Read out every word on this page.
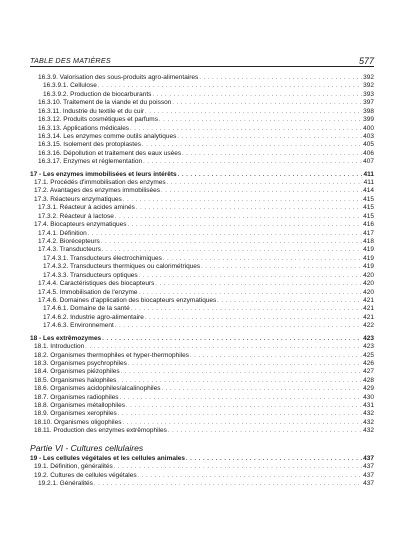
TABLE DES MATIÈRES	577
16.3.9. Valorisation des sous-produits agro-alimentaires . . .	392
16.3.9.1. Cellulose . . .	392
16.3.9.2. Production de biocarburants . . .	393
16.3.10. Traitement de la viande et du poisson . . .	397
16.3.11. Industrie du textile et du cuir . . .	398
16.3.12. Produits cosmétiques et parfums . . .	399
16.3.13. Applications médicales . . .	400
16.3.14. Les enzymes comme outils analytiques . . .	403
16.3.15. Isolement des protoplastes . . .	405
16.3.16. Dépollution et traitement des eaux usées . . .	406
16.3.17. Enzymes et réglementation . . .	407
17 - Les enzymes immobilisées et leurs intérêts . . .	411
17.1. Procédés d'immobilisation des enzymes . . .	411
17.2. Avantages des enzymes immobilisées . . .	414
17.3. Réacteurs enzymatiques . . .	415
17.3.1. Réacteur à acides aminés . . .	415
17.3.2. Réacteur à lactose . . .	415
17.4. Biocapteurs enzymatiques . . .	416
17.4.1. Définition . . .	417
17.4.2. Biorécepteurs . . .	418
17.4.3. Transducteurs . . .	419
17.4.3.1. Transducteurs électrochimiques . . .	419
17.4.3.2. Transducteurs thermiques ou calorimétriques . . .	419
17.4.3.3. Transducteurs optiques . . .	420
17.4.4. Caractéristiques des biocapteurs . . .	420
17.4.5. Immobilisation de l'enzyme . . .	420
17.4.6. Domaines d'application des biocapteurs enzymatiques . . .	421
17.4.6.1. Domaine de la santé . . .	421
17.4.6.2. Industrie agro-alimentaire . . .	421
17.4.6.3. Environnement . . .	422
18 - Les extrêmozymes . . .	423
18.1. Introduction . . .	423
18.2. Organismes thermophiles et hyper-thermophiles . . .	425
18.3. Organismes psychrophiles . . .	426
18.4. Organismes piézophiles . . .	427
18.5. Organismes halophiles . . .	428
18.6. Organismes acidophiles/alcalinophiles . . .	429
18.7. Organismes radiophiles . . .	430
18.8. Organismes métallophiles . . .	431
18.9. Organismes xerophiles . . .	432
18.10. Organismes oligophiles . . .	432
18.11. Production des enzymes extrêmophiles . . .	432
Partie VI - Cultures cellulaires
19 - Les cellules végétales et les cellules animales . . .	437
19.1. Définition, généralités . . .	437
19.2. Cultures de cellules végétales . . .	437
19.2.1. Généralités . . .	437
